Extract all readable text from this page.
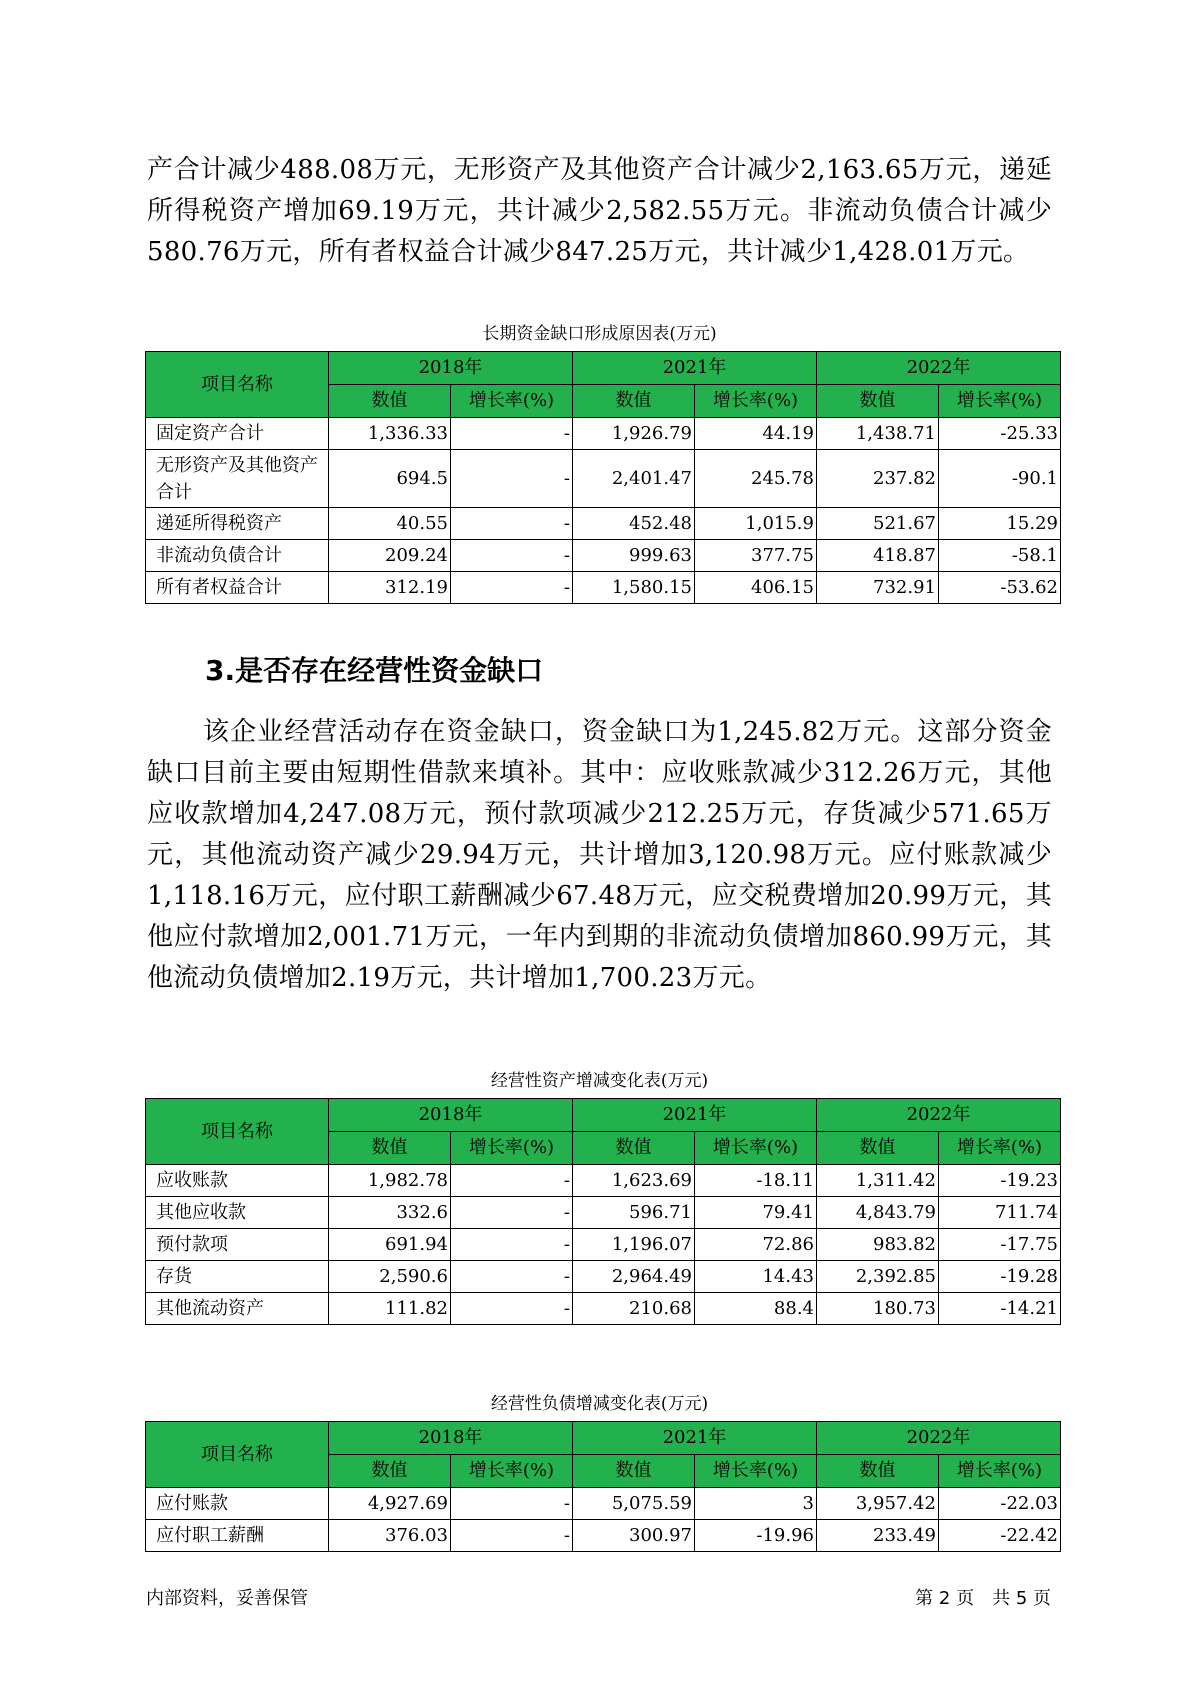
产合计减少488.08万元，无形资产及其他资产合计减少2,163.65万元，递延所得税资产增加69.19万元，共计减少2,582.55万元。非流动负债合计减少580.76万元，所有者权益合计减少847.25万元，共计减少1,428.01万元。

长期资金缺口形成原因表(万元)
项目名称	2018年		2021年		2022年	
	数值	增长率(%)	数值	增长率(%)	数值	增长率(%)
固定资产合计	1,336.33	-	1,926.79	44.19	1,438.71	-25.33
无形资产及其他资产合计	694.5	-	2,401.47	245.78	237.82	-90.1
递延所得税资产	40.55	-	452.48	1,015.9	521.67	15.29
非流动负债合计	209.24	-	999.63	377.75	418.87	-58.1
所有者权益合计	312.19	-	1,580.15	406.15	732.91	-53.62
3.是否存在经营性资金缺口

该企业经营活动存在资金缺口，资金缺口为1,245.82万元。这部分资金缺口目前主要由短期性借款来填补。其中：应收账款减少312.26万元，其他应收款增加4,247.08万元，预付款项减少212.25万元，存货减少571.65万元，其他流动资产减少29.94万元，共计增加3,120.98万元。应付账款减少1,118.16万元，应付职工薪酬减少67.48万元，应交税费增加20.99万元，其他应付款增加2,001.71万元，一年内到期的非流动负债增加860.99万元，其他流动负债增加2.19万元，共计增加1,700.23万元。

经营性资产增减变化表(万元)
项目名称	2018年		2021年		2022年	
	数值	增长率(%)	数值	增长率(%)	数值	增长率(%)
应收账款	1,982.78	-	1,623.69	-18.11	1,311.42	-19.23
其他应收款	332.6	-	596.71	79.41	4,843.79	711.74
预付款项	691.94	-	1,196.07	72.86	983.82	-17.75
存货	2,590.6	-	2,964.49	14.43	2,392.85	-19.28
其他流动资产	111.82	-	210.68	88.4	180.73	-14.21
经营性负债增减变化表(万元)
项目名称	2018年		2021年		2022年	
	数值	增长率(%)	数值	增长率(%)	数值	增长率(%)
应付账款	4,927.69	-	5,075.59	3	3,957.42	-22.03
应付职工薪酬	376.03	-	300.97	-19.96	233.49	-22.42
内部资料，妥善保管	第 2 页　共 5 页
